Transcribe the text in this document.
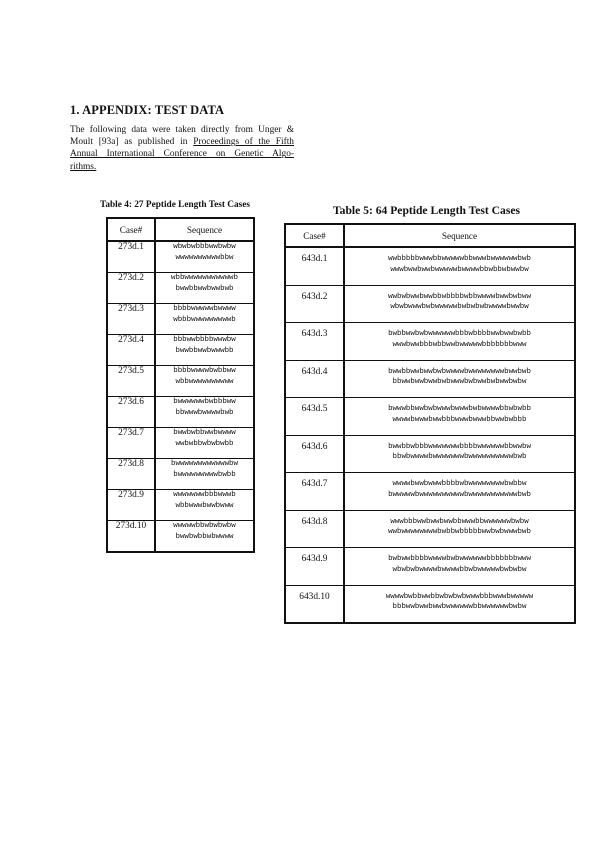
1. APPENDIX: TEST DATA
The following data were taken directly from Unger &
Moult [93a] as published in Proceedings of the Fifth
Annual International Conference on Genetic Algo-
rithms.
Table 4: 27 Peptide Length Test Cases
Case#	Sequence
273d.1	wbwbwbbbwwbwbw
wwwwwwwwwwbbw

273d.2	wbbwwwwwwwwwwwb
bwwbbwwbwwbwb

273d.3	bbbbwwwwwbwwww
wbbbwwwwwwwwwb

273d.4	bbbwwbbbbwwwbw
bwwbbwwbwwwbb

273d.5	bbbbwwwwbwbbww
wbbwwwwwwwwww

273d.6	bwwwwwwbwbbbww
bbwwwbwwwwbwb

273d.7	bwwbwbbwwbwwww
wwbwbbwbwbwbb

273d.8	bwwwwwwwwwwwwbw
bwwwwwwwwwbwbb

273d.9	wwwwwwwbbbwwwb
wbbwwwbwwbwww

273d.10	wwwwwbbwbwbwbw
bwwbwbbwbwwww
Table 5: 64 Peptide Length Test Cases
Case#	Sequence
643d.1	wwbbbbbwwwbbwwwwwbbwwwbwwwwwwbwb
wwwbwwbwwbwwwwwbwwwwbbwbbwbwwbw

643d.2	wwbwbwwbwwbbwbbbbwbbwwwwbwwbwbww
wbwbwwwbwbwwwwwbwbwbwbwwwwbwwbw

643d.3	bwbbwwbwbwwwwwwbbbwbbbbwwbwwbwbb
wwwbwwbbbwbbwwbwwwwwbbbbbbbwww

643d.4	bwwbbwwbwwbwbwwwwbwwwwwwwwbwwbwb
bbwwbwwbwwbwbwwwbwbwwbwbwwbwbw

643d.5	bwwwbbwwbwbwwwbwwwbwbwwwwbbwbwbb
wwwwbwwwbwwbbbwwwbwwwbbwwbwbbb

643d.6	bwwbbwbbbwwwwwwwbbbbwwwwwwbbwwbw
bbwbwwwwbwwwwwwwbwwwwwwwwwwbwb

643d.7	wwwwbwwbwwwbbbbwbwwwwwwwwbwbbw
bwwwwwbwwwwwwwwwwbwwwwwwwwwwwbwb

643d.8	wwwbbbwwbwwbwwbbwwwbbwwwwwwbwbw
wwbwwwwwwwwbwbbwbbbbbwwbwbwwwbwb

643d.9	bwbwwbbbbwwwwbwbwwwwwwbbbbbbbwww
wbwbwbwwwwbwwwwbbwbwwwwwbwbwbw

643d.10	wwwwbwbbwwbbwbwbwbwwwbbbwwwbwwwww
bbbwwbwwbwwbwwwwwwbbwwwwwwbwbw
